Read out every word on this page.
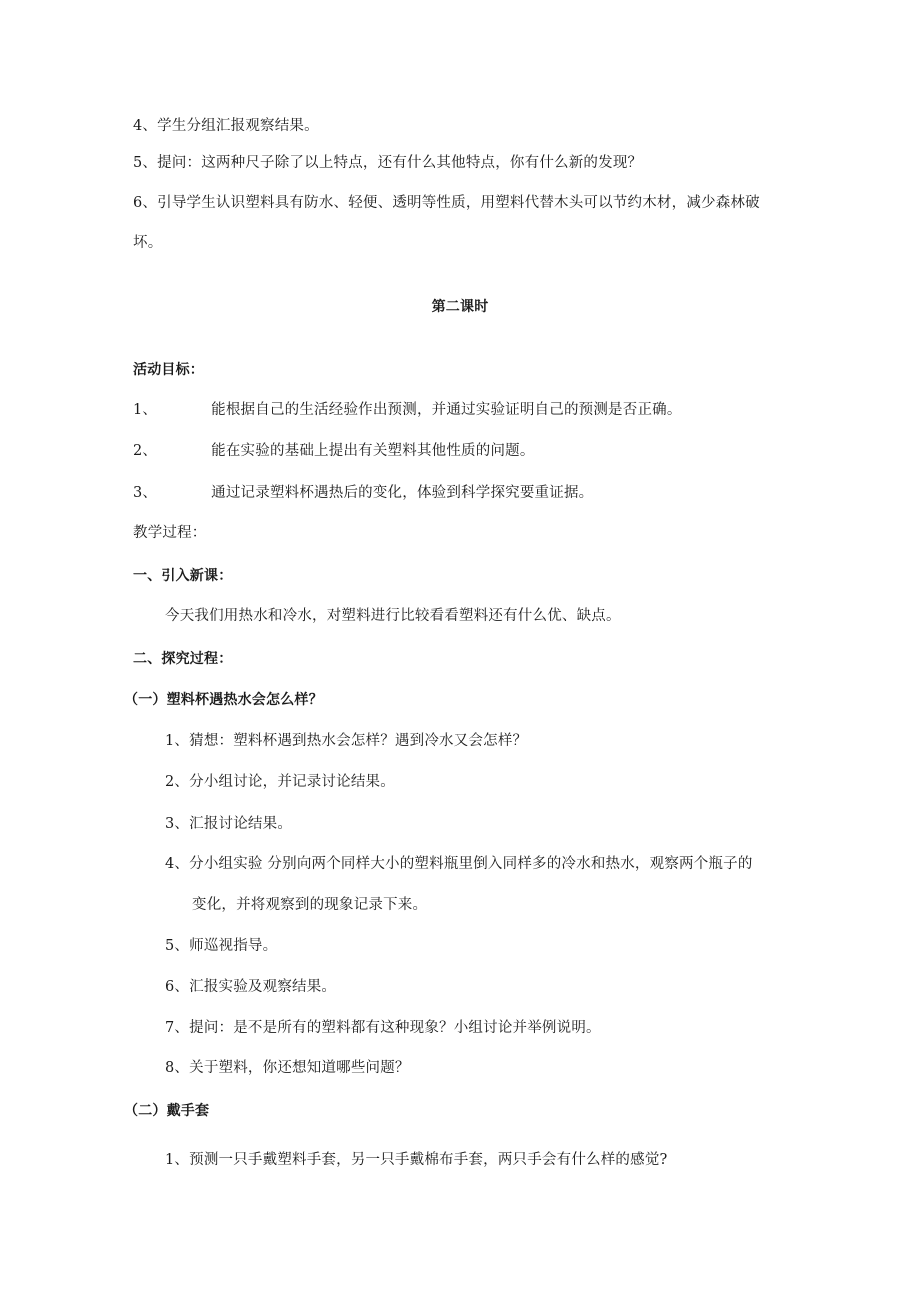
4、学生分组汇报观察结果。
5、提问：这两种尺子除了以上特点，还有什么其他特点，你有什么新的发现？
6、引导学生认识塑料具有防水、轻便、透明等性质，用塑料代替木头可以节约木材，减少森林破
坏。
第二课时
活动目标：
1、	能根据自己的生活经验作出预测，并通过实验证明自己的预测是否正确。
2、	能在实验的基础上提出有关塑料其他性质的问题。
3、	通过记录塑料杯遇热后的变化，体验到科学探究要重证据。
教学过程：
一、引入新课：
今天我们用热水和冷水，对塑料进行比较看看塑料还有什么优、缺点。
二、探究过程：
（一）塑料杯遇热水会怎么样？
1、猜想：塑料杯遇到热水会怎样？遇到冷水又会怎样？
2、分小组讨论，并记录讨论结果。
3、汇报讨论结果。
4、分小组实验 分别向两个同样大小的塑料瓶里倒入同样多的冷水和热水，观察两个瓶子的
变化，并将观察到的现象记录下来。
5、师巡视指导。
6、汇报实验及观察结果。
7、提问：是不是所有的塑料都有这种现象？小组讨论并举例说明。
8、关于塑料，你还想知道哪些问题？
（二）戴手套
1、预测一只手戴塑料手套，另一只手戴棉布手套，两只手会有什么样的感觉?
